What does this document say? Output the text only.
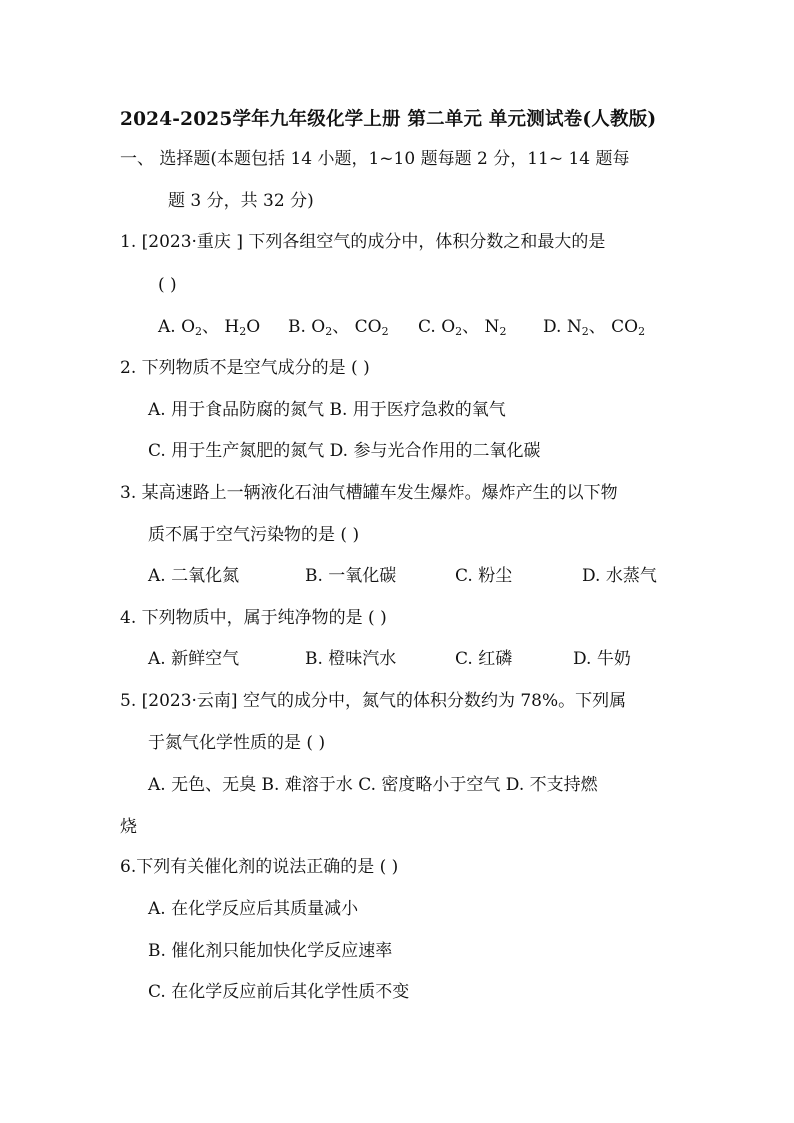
2024-2025学年九年级化学上册 第二单元 单元测试卷(人教版)
一、 选择题(本题包括 14 小题，1~10 题每题 2 分，11~ 14 题每
题 3 分，共 32 分)
1. [2023·重庆 ] 下列各组空气的成分中，体积分数之和最大的是
( )
A. $O_2$、 $H_2O$ B. $O_2$、 $CO_2$ C. $O_2$、 $N_2$ D. $N_2$、 $CO_2$
2. 下列物质不是空气成分的是 ( )
A. 用于食品防腐的氮气 B. 用于医疗急救的氧气
C. 用于生产氮肥的氮气 D. 参与光合作用的二氧化碳
3. 某高速路上一辆液化石油气槽罐车发生爆炸。爆炸产生的以下物
质不属于空气污染物的是 ( )
A. 二氧化氮	B. 一氧化碳	C. 粉尘	D. 水蒸气
4. 下列物质中，属于纯净物的是 ( )
A. 新鲜空气	B. 橙味汽水	C. 红磷	D. 牛奶
5. [2023·云南] 空气的成分中，氮气的体积分数约为 78%。下列属
于氮气化学性质的是 ( )
A. 无色、无臭 B. 难溶于水 C. 密度略小于空气 D. 不支持燃
烧
6.下列有关催化剂的说法正确的是 ( )
A. 在化学反应后其质量减小
B. 催化剂只能加快化学反应速率
C. 在化学反应前后其化学性质不变
